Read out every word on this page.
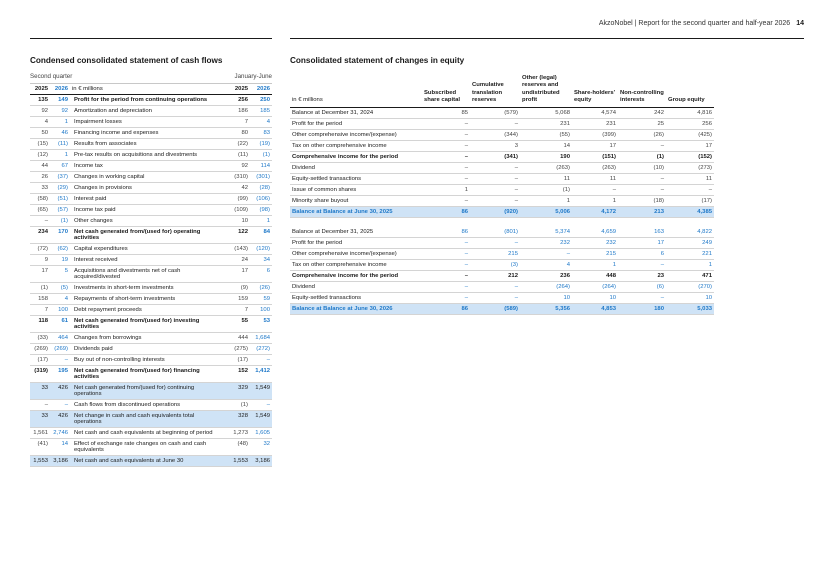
AkzoNobel | Report for the second quarter and half-year 2026 14
Condensed consolidated statement of cash flows
Second quarter	January-June
2025	2026	in € millions	2025	2026
135	149	Profit for the period from continuing operations	256	250
92	92	Amortization and depreciation	186	185
4	1	Impairment losses	7	4
50	46	Financing income and expenses	80	83
(15)	(11)	Results from associates	(22)	(19)
(12)	1	Pre-tax results on acquisitions and divestments	(11)	(1)
44	67	Income tax	92	114
26	(37)	Changes in working capital	(310)	(301)
33	(29)	Changes in provisions	42	(28)
(58)	(51)	Interest paid	(99)	(106)
(65)	(57)	Income tax paid	(109)	(98)
–	(1)	Other changes	10	1
234	170	Net cash generated from/(used for) operating activities	122	84
(72)	(62)	Capital expenditures	(143)	(120)
9	19	Interest received	24	34
17	5	Acquisitions and divestments net of cash acquired/divested	17	6
(1)	(5)	Investments in short-term investments	(9)	(26)
158	4	Repayments of short-term investments	159	59
7	100	Debt repayment proceeds	7	100
118	61	Net cash generated from/(used for) investing activities	55	53
(33)	464	Changes from borrowings	444	1,684
(269)	(269)	Dividends paid	(275)	(272)
(17)	–	Buy out of non-controlling interests	(17)	–
(319)	195	Net cash generated from/(used for) financing activities	152	1,412
33	426	Net cash generated from/(used for) continuing operations	329	1,549
–	–	Cash flows from discontinued operations	(1)	–
33	426	Net change in cash and cash equivalents total operations	328	1,549
1,561	2,746	Net cash and cash equivalents at beginning of period	1,273	1,605
(41)	14	Effect of exchange rate changes on cash and cash equivalents	(48)	32
1,553	3,186	Net cash and cash equivalents at June 30	1,553	3,186
Consolidated statement of changes in equity
in € millions	Subscribed share capital	Cumulative translation reserves	Other (legal) reserves and undistributed profit	Share-holders' equity	Non-controlling interests	Group equity
Balance at December 31, 2024	85	(579)	5,068	4,574	242	4,816
Profit for the period	–	–	231	231	25	256
Other comprehensive income/(expense)	–	(344)	(55)	(399)	(26)	(425)
Tax on other comprehensive income	–	3	14	17	–	17
Comprehensive income for the period	–	(341)	190	(151)	(1)	(152)
Dividend	–	–	(263)	(263)	(10)	(273)
Equity-settled transactions	–	–	11	11	–	11
Issue of common shares	1	–	(1)	–	–	–
Minority share buyout	–	–	1	1	(18)	(17)
Balance at Balance at June 30, 2025	86	(920)	5,006	4,172	213	4,385

Balance at December 31, 2025	86	(801)	5,374	4,659	163	4,822
Profit for the period	–	–	232	232	17	249
Other comprehensive income/(expense)	–	215	–	215	6	221
Tax on other comprehensive income	–	(3)	4	1	–	1
Comprehensive income for the period	–	212	236	448	23	471
Dividend	–	–	(264)	(264)	(6)	(270)
Equity-settled transactions	–	–	10	10	–	10
Balance at Balance at June 30, 2026	86	(589)	5,356	4,853	180	5,033
